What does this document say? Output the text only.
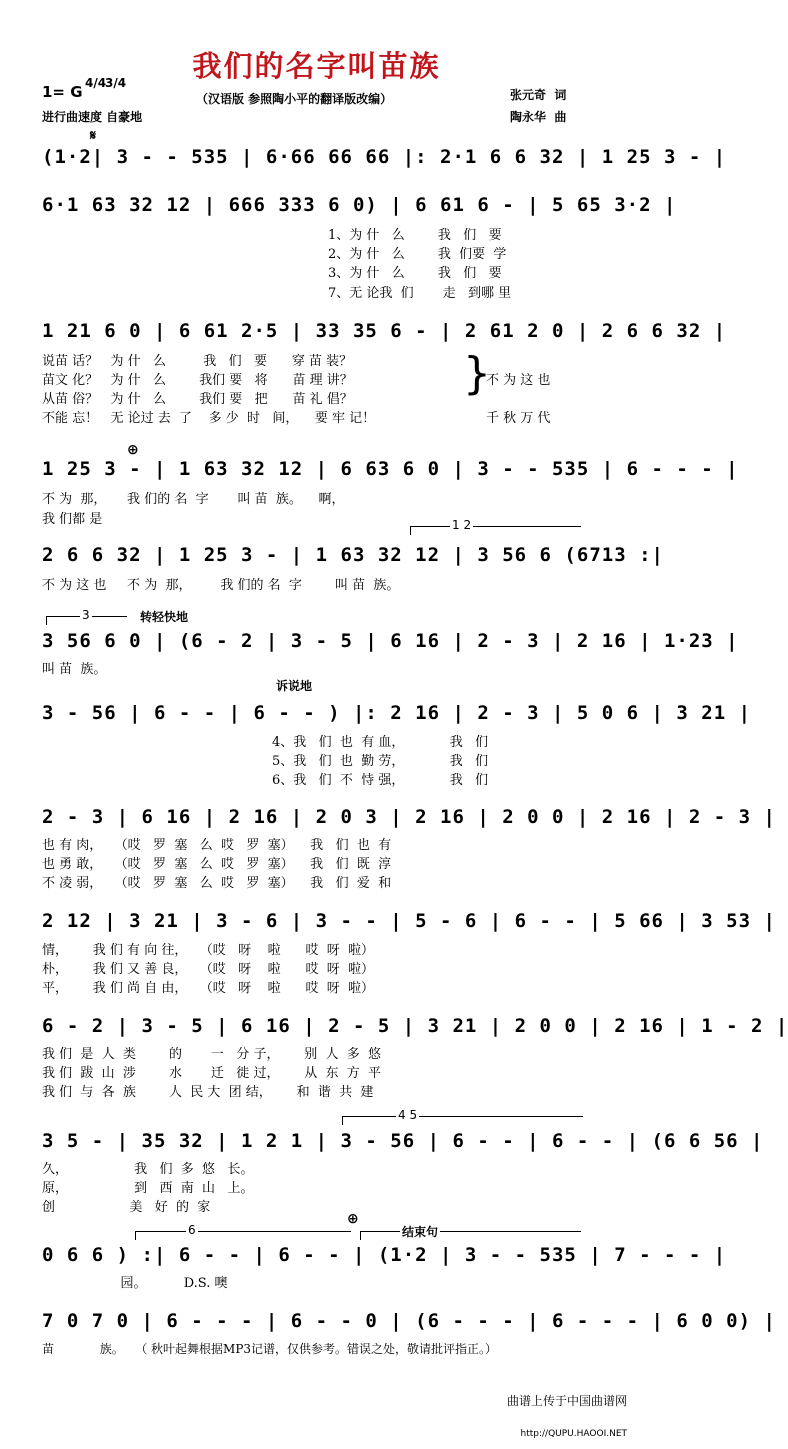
我们的名字叫苗族
（汉语版 参照陶小平的翻译版改编）
1= G 4/4
3/4
进行曲速度 自豪地
张元奇  词
陶永华  曲
𝄋
(1·2| 3 - - 535 | 6·66 66 66 |: 2·1 6 6 32 | 1 25 3 - |
6·1 63 32 12 | 666 333 6 0) | 6 61 6 - | 5 65 3·2 |
1、为 什   么        我   们   要
2、为 什   么        我  们要  学
3、为 什   么        我   们   要
7、无 论我  们       走   到哪 里
1 21 6 0 | 6 61 2·5 | 33 35 6 - | 2 61 2 0 | 2 6 6 32 |
说苗 话？   为 什   么         我   们   要      穿 苗 装？
苗文 化？   为 什   么        我们 要   将      苗 理 讲？
从苗 俗？   为 什   么        我们 要   把      苗 礼 倡？
不能 忘！   无 论过 去  了    多 少  时   间，    要 牢 记！
}
不 为 这 也
千 秋 万 代
⊕
1 25 3 - | 1 63 32 12 | 6 63 6 0 | 3 - - 535 | 6 - - - |
不 为  那，     我 们的 名  字       叫 苗  族。    啊，
我 们都 是	1 2
2 6 6 32 | 1 25 3 - | 1 63 32 12 | 3 56 6 (6713 :|
不 为 这 也     不 为  那，       我 们的 名  字        叫 苗  族。
3	转轻快地
3 56 6 0 | (6 - 2 | 3 - 5 | 6 16 | 2 - 3 | 2 16 | 1·23 |
叫 苗  族。
诉说地
3 - 56 | 6 - - | 6 - - ) |: 2 16 | 2 - 3 | 5 0 6 | 3 21 |
4、我   们  也  有 血，           我   们
5、我   们  也  勤 劳，           我   们
6、我   们  不  恃 强，           我   们
2 - 3 | 6 16 | 2 16 | 2 0 3 | 2 16 | 2 0 0 | 2 16 | 2 - 3 |
也 有 肉，   （哎   罗  塞   么  哎   罗  塞）    我   们  也  有
也 勇 敢，   （哎   罗  塞   么  哎   罗  塞）    我   们  既  淳
不 凌 弱，   （哎   罗  塞   么  哎   罗  塞）    我   们  爱  和
2 12 | 3 21 | 3 - 6 | 3 - - | 5 - 6 | 6 - - | 5 66 | 3 53 |
情，      我 们 有 向 往，   （哎   呀    啦      哎  呀  啦）
朴，      我 们 又 善 良，   （哎   呀    啦      哎  呀  啦）
平，      我 们 尚 自 由，   （哎   呀    啦      哎  呀  啦）
6 - 2 | 3 - 5 | 6 16 | 2 - 5 | 3 21 | 2 0 0 | 2 16 | 1 - 2 |
我 们  是  人  类        的       一   分 子，      别  人  多  悠
我 们  跋  山  涉        水       迁   徙 过，      从  东  方  平
我 们  与  各  族        人  民 大  团 结，      和  谐  共  建
4 5
3 5 - | 35 32 | 1 2 1 | 3 - 56 | 6 - - | 6 - - | (6 6 56 |
久，                我   们  多  悠   长。
原，                到   西  南  山   上。
创                  美   好  的  家
6
⊕
结束句
0 6 6 ) :| 6 - - | 6 - - | (1·2 | 3 - - 535 | 7 - - - |
园。         D.S. 噢
7 0 7 0 | 6 - - - | 6 - - 0 | (6 - - - | 6 - - - | 6 0 0) |
苗            族。   （ 秋叶起舞根据MP3记谱，仅供参考。错误之处，敬请批评指正。）

曲谱上传于中国曲谱网

http://QUPU.HAOOI.NET
